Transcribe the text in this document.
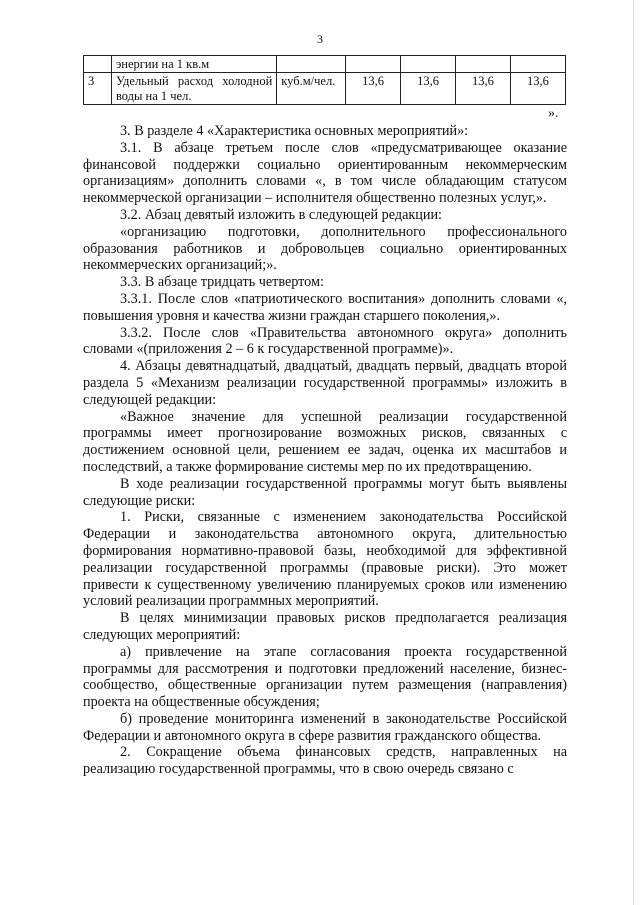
3
	энергии на 1 кв.м					
3	Удельный расход холодной воды на 1 чел.	куб.м/чел.	13,6	13,6	13,6	13,6
».

3. В разделе 4 «Характеристика основных мероприятий»:

3.1. В абзаце третьем после слов «предусматривающее оказание финансовой поддержки социально ориентированным некоммерческим организациям» дополнить словами «, в том числе обладающим статусом некоммерческой организации – исполнителя общественно полезных услуг,».

3.2. Абзац девятый изложить в следующей редакции:

«организацию подготовки, дополнительного профессионального образования работников и добровольцев социально ориентированных некоммерческих организаций;».

3.3. В абзаце тридцать четвертом:

3.3.1. После слов «патриотического воспитания» дополнить словами «, повышения уровня и качества жизни граждан старшего поколения,».

3.3.2. После слов «Правительства автономного округа» дополнить словами «(приложения 2 – 6 к государственной программе)».

4. Абзацы девятнадцатый, двадцатый, двадцать первый, двадцать второй раздела 5 «Механизм реализации государственной программы» изложить в следующей редакции:

«Важное значение для успешной реализации государственной программы имеет прогнозирование возможных рисков, связанных с достижением основной цели, решением ее задач, оценка их масштабов и последствий, а также формирование системы мер по их предотвращению.

В ходе реализации государственной программы могут быть выявлены следующие риски:

1. Риски, связанные с изменением законодательства Российской Федерации и законодательства автономного округа, длительностью формирования нормативно-правовой базы, необходимой для эффективной реализации государственной программы (правовые риски). Это может привести к существенному увеличению планируемых сроков или изменению условий реализации программных мероприятий.

В целях минимизации правовых рисков предполагается реализация следующих мероприятий:

а) привлечение на этапе согласования проекта государственной программы для рассмотрения и подготовки предложений население, бизнес-сообщество, общественные организации путем размещения (направления) проекта на общественные обсуждения;

б) проведение мониторинга изменений в законодательстве Российской Федерации и автономного округа в сфере развития гражданского общества.

2. Сокращение объема финансовых средств, направленных на реализацию государственной программы, что в свою очередь связано с
